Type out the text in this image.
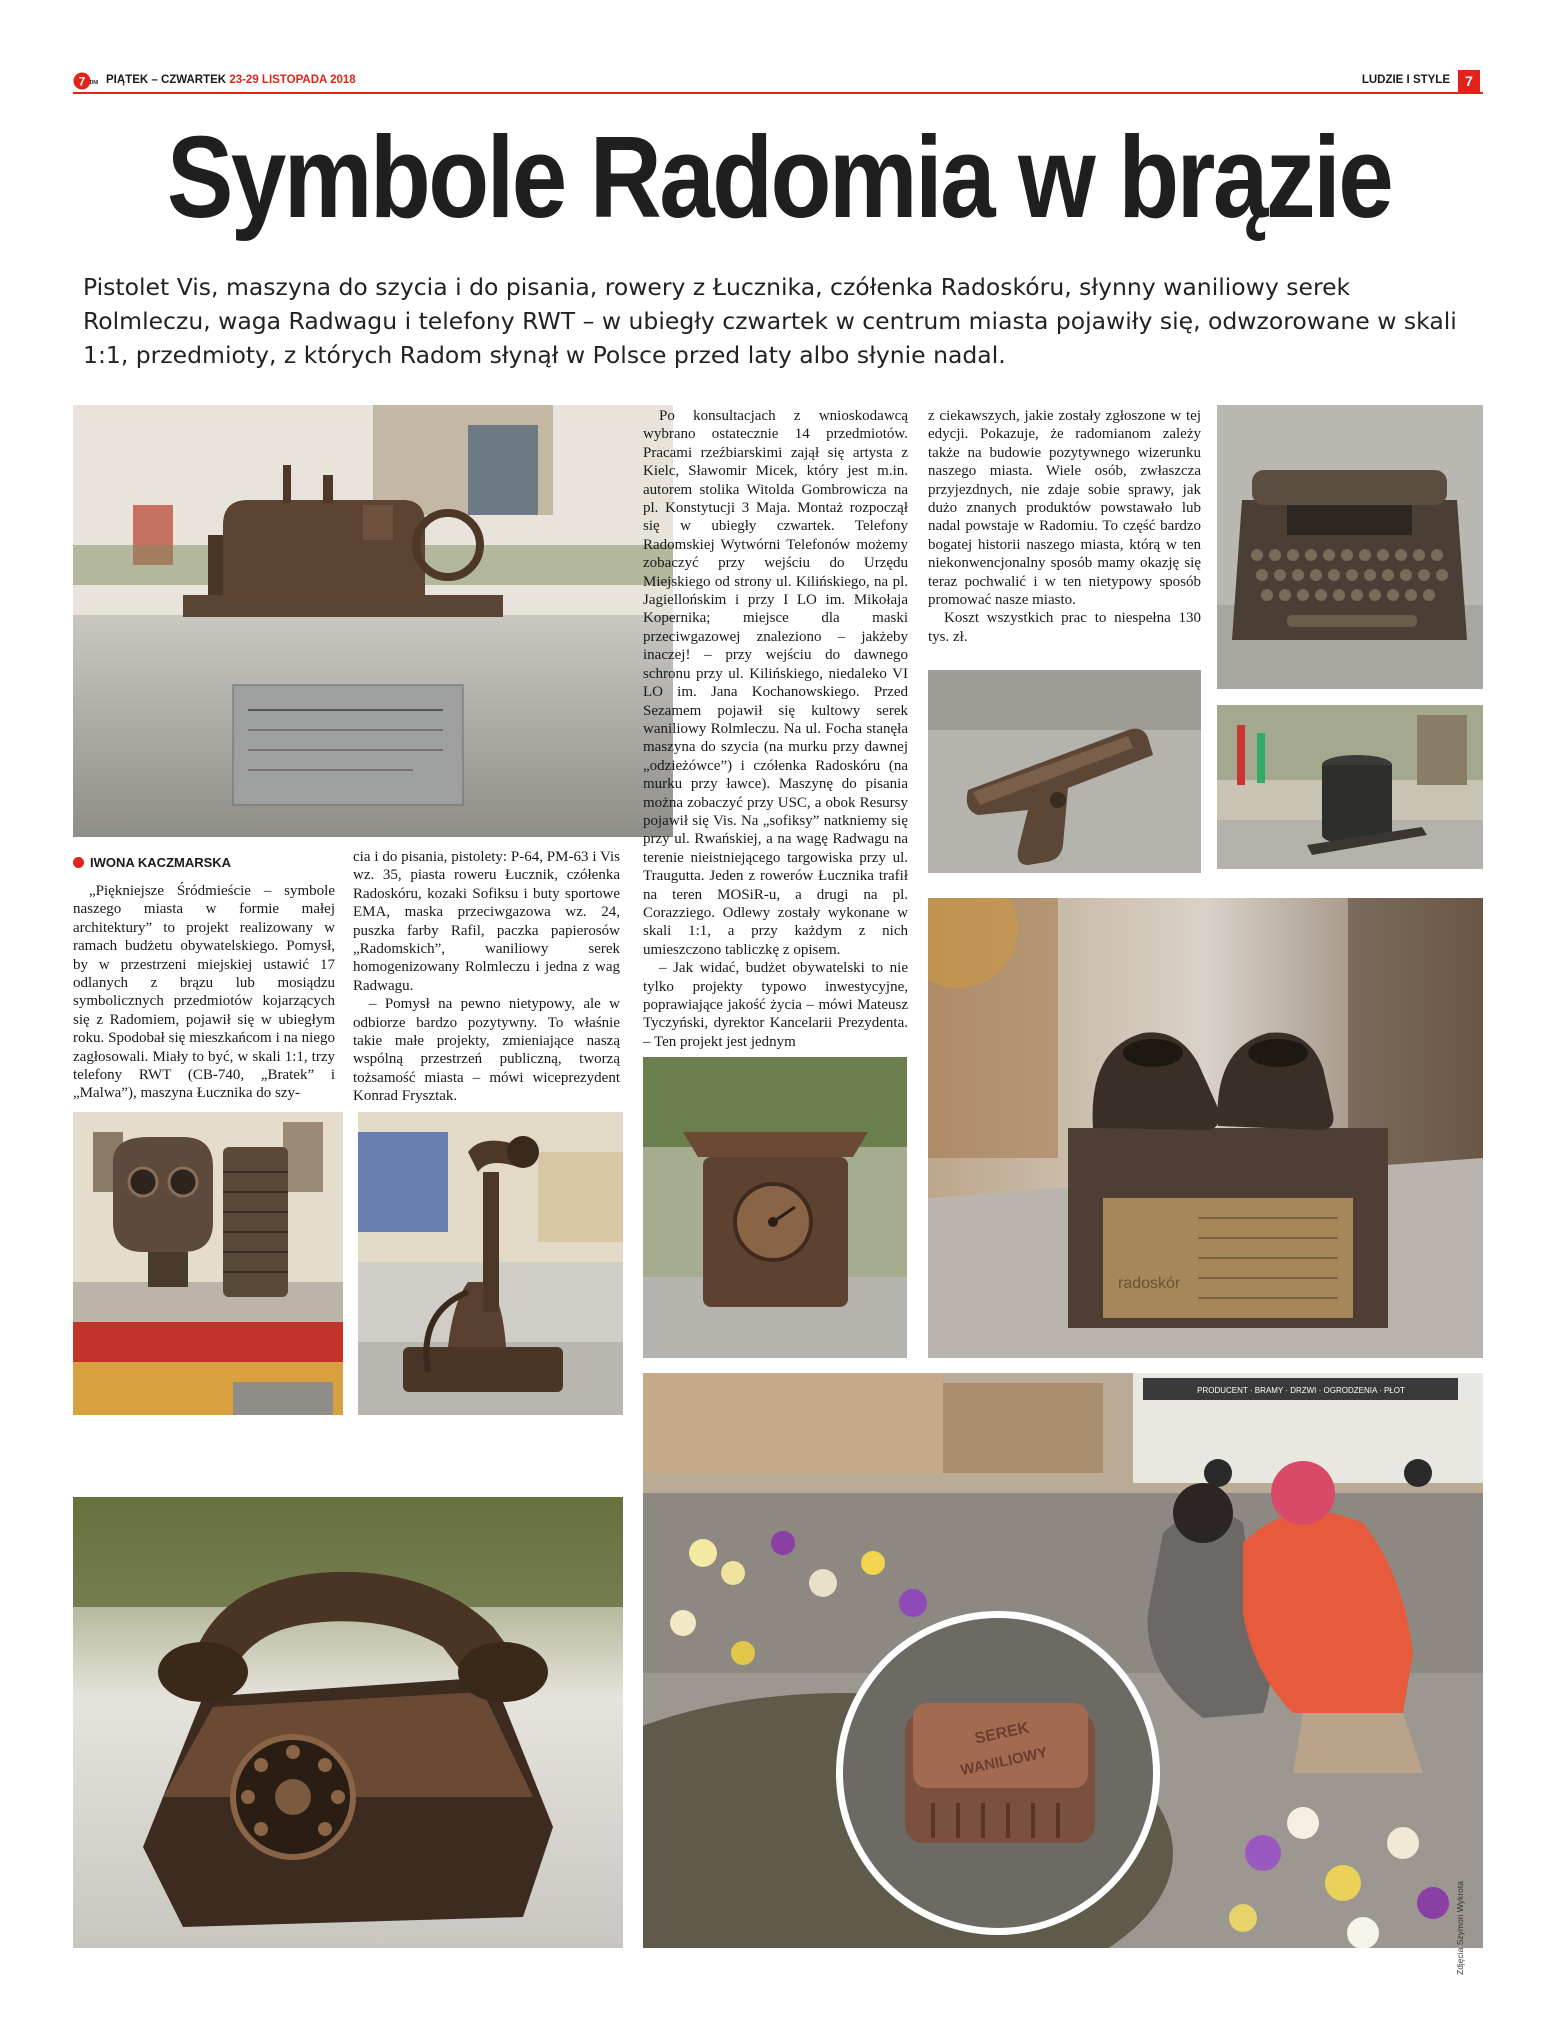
7 DNI PIĄTEK – CZWARTEK 23-29 LISTOPADA 2018	LUDZIE I STYLE	7
Symbole Radomia w brązie
Pistolet Vis, maszyna do szycia i do pisania, rowery z Łucznika, czółenka Radoskóru, słynny waniliowy serek Rolmleczu, waga Radwagu i telefony RWT – w ubiegły czwartek w centrum miasta pojawiły się, odwzorowane w skali 1:1, przedmioty, z których Radom słynął w Polsce przed laty albo słynie nadal.
radoskór
PRODUCENT · BRAMY · DRZWI · OGRODZENIA · PŁOT
SEREK
WANILIOWY
Zdjęcia Szymon Wykrota
IWONA KACZMARSKA

„Piękniejsze Śródmieście – symbole naszego miasta w formie małej architektury” to projekt realizowany w ramach budżetu obywatelskiego. Pomysł, by w przestrzeni miejskiej ustawić 17 odlanych z brązu lub mosiądzu symbolicznych przedmiotów kojarzących się z Radomiem, pojawił się w ubiegłym roku. Spodobał się mieszkańcom i na niego zagłosowali. Miały to być, w skali 1:1, trzy telefony RWT (CB-740, „Bratek” i „Malwa”), maszyna Łucznika do szy-

cia i do pisania, pistolety: P-64, PM-63 i Vis wz. 35, piasta roweru Łucznik, czółenka Radoskóru, kozaki Sofiksu i buty sportowe EMA, maska przeciwgazowa wz. 24, puszka farby Rafil, paczka papierosów „Radomskich”, waniliowy serek homogenizowany Rolmleczu i jedna z wag Radwagu.

– Pomysł na pewno nietypowy, ale w odbiorze bardzo pozytywny. To właśnie takie małe projekty, zmieniające naszą wspólną przestrzeń publiczną, tworzą tożsamość miasta – mówi wiceprezydent Konrad Frysztak.

Po konsultacjach z wnioskodawcą wybrano ostatecznie 14 przedmiotów. Pracami rzeźbiarskimi zajął się artysta z Kielc, Sławomir Micek, który jest m.in. autorem stolika Witolda Gombrowicza na pl. Konstytucji 3 Maja. Montaż rozpoczął się w ubiegły czwartek. Telefony Radomskiej Wytwórni Telefonów możemy zobaczyć przy wejściu do Urzędu Miejskiego od strony ul. Kilińskiego, na pl. Jagiellońskim i przy I LO im. Mikołaja Kopernika; miejsce dla maski przeciwgazowej znaleziono – jakżeby inaczej! – przy wejściu do dawnego schronu przy ul. Kilińskiego, niedaleko VI LO im. Jana Kochanowskiego. Przed Sezamem pojawił się kultowy serek waniliowy Rolmleczu. Na ul. Focha stanęła maszyna do szycia (na murku przy dawnej „odzieżówce”) i czółenka Radoskóru (na murku przy ławce). Maszynę do pisania można zobaczyć przy USC, a obok Resursy pojawił się Vis. Na „sofiksy” natkniemy się przy ul. Rwańskiej, a na wagę Radwagu na terenie nieistniejącego targowiska przy ul. Traugutta. Jeden z rowerów Łucznika trafił na teren MOSiR-u, a drugi na pl. Corazziego. Odlewy zostały wykonane w skali 1:1, a przy każdym z nich umieszczono tabliczkę z opisem.

– Jak widać, budżet obywatelski to nie tylko projekty typowo inwestycyjne, poprawiające jakość życia – mówi Mateusz Tyczyński, dyrektor Kancelarii Prezydenta. – Ten projekt jest jednym

z ciekawszych, jakie zostały zgłoszone w tej edycji. Pokazuje, że radomianom zależy także na budowie pozytywnego wizerunku naszego miasta. Wiele osób, zwłaszcza przyjezdnych, nie zdaje sobie sprawy, jak dużo znanych produktów powstawało lub nadal powstaje w Radomiu. To część bardzo bogatej historii naszego miasta, którą w ten niekonwencjonalny sposób mamy okazję się teraz pochwalić i w ten nietypowy sposób promować nasze miasto.

Koszt wszystkich prac to niespełna 130 tys. zł.
